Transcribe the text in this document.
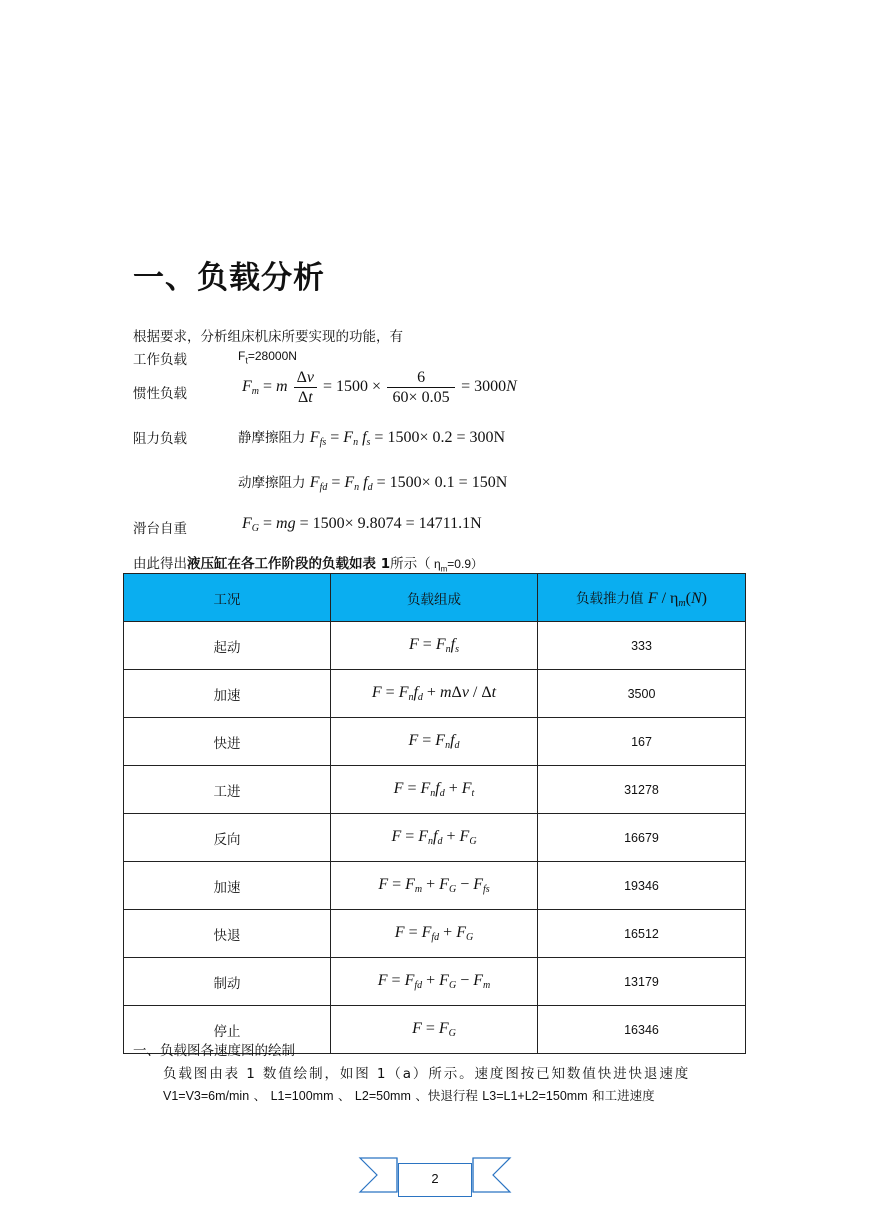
一、负载分析
根据要求，分析组床机床所要实现的功能，有
工作负载	$F_t=28000N$
惯性负载	$F_m = m \frac{\Delta v}{\Delta t} = 1500 \times \frac{6}{60\times 0.05} = 3000N$
阻力负载	静摩擦阻力 $F_{fs} = F_n$ $f_s = 1500\times 0.2 = 300N$
动摩擦阻力 $F_{fd} = F_n$ $f_d = 1500\times 0.1 = 150N$
滑台自重	$F_G$ = mg = 1500× 9.8074 = 14711.1N
由此得出液压缸在各工作阶段的负载如表 1所示（ $\eta_m=0.9$）
工况	负载组成	负载推力值 F / $\eta_m(N)$
起动	$F = F_nf_s$	333
加速	$F = F_nf_d + m\Delta v / \Delta t$	3500
快进	$F = F_nf_d$	167
工进	$F = F_nf_d + F_t$	31278
反向	$F = F_nf_d + F_G$	16679
加速	$F = F_m + F_G - F_{fs}$	19346
快退	$F = F_{fd} + F_G$	16512
制动	$F = F_{fd} + F_G - F_m$	13179
停止	$F = F_G$	16346
一、负载图各速度图的绘制
负载图由表 1 数值绘制，如图 1（a）所示。速度图按已知数值快进快退速度
V1=V3=6m/min 、 L1=100mm 、 L2=50mm 、快退行程 L3=L1+L2=150mm 和工进速度
2
